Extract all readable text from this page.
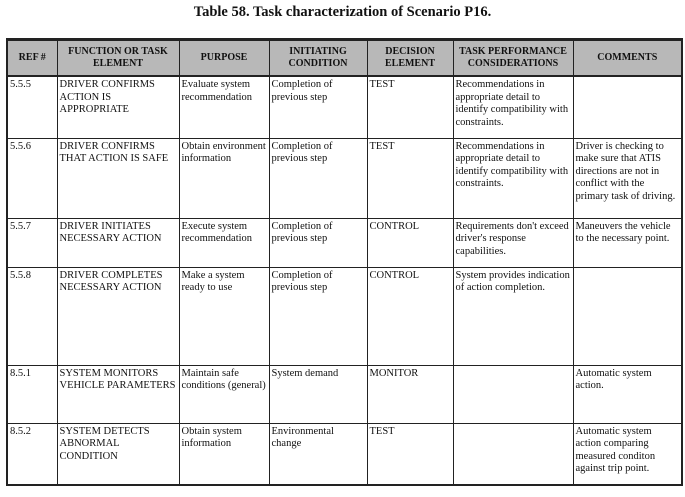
Table 58. Task characterization of Scenario P16.
REF #	FUNCTION OR TASK ELEMENT	PURPOSE	INITIATING CONDITION	DECISION ELEMENT	TASK PERFORMANCE CONSIDERATIONS	COMMENTS
5.5.5	DRIVER CONFIRMS ACTION IS APPROPRIATE	Evaluate system recommendation	Completion of previous step	TEST	Recommendations in appropriate detail to identify compatibility with constraints.	
5.5.6	DRIVER CONFIRMS THAT ACTION IS SAFE	Obtain environment information	Completion of previous step	TEST	Recommendations in appropriate detail to identify compatibility with constraints.	Driver is checking to make sure that ATIS directions are not in conflict with the primary task of driving.
5.5.7	DRIVER INITIATES NECESSARY ACTION	Execute system recommendation	Completion of previous step	CONTROL	Requirements don't exceed driver's response capabilities.	Maneuvers the vehicle to the necessary point.
5.5.8	DRIVER COMPLETES NECESSARY ACTION	Make a system ready to use	Completion of previous step	CONTROL	System provides indication of action completion.	
8.5.1	SYSTEM MONITORS VEHICLE PARAMETERS	Maintain safe conditions (general)	System demand	MONITOR		Automatic system action.
8.5.2	SYSTEM DETECTS ABNORMAL CONDITION	Obtain system information	Environmental change	TEST		Automatic system action comparing measured conditon against trip point.
